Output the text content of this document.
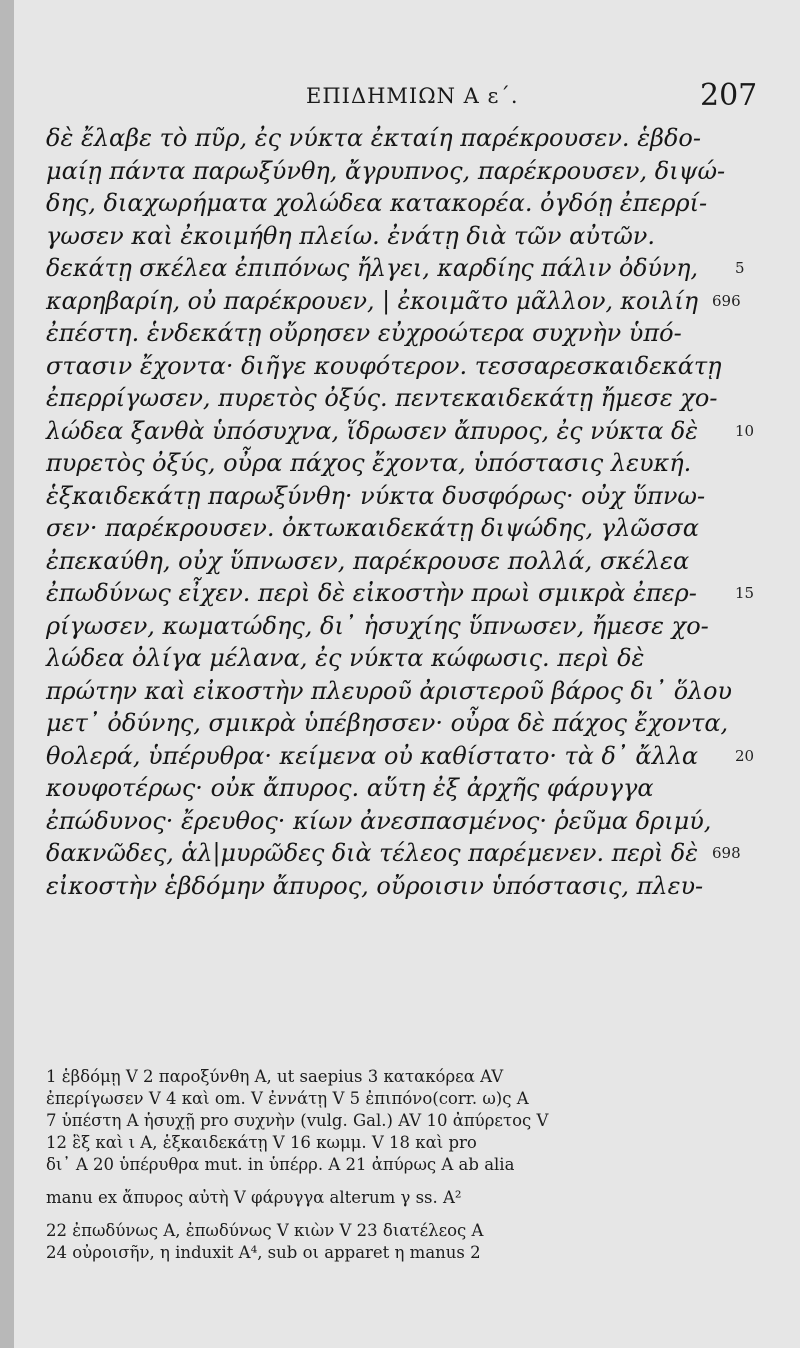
ΕΠΙΔΗΜΙΩΝ Α ε΄.	207
δὲ ἔλαβε τὸ πῦρ, ἐς νύκτα ἐκταίη παρέκρουσεν. ἑβδο-
μαίῃ πάντα παρωξύνθη, ἄγρυπνος, παρέκρουσεν, διψώ-
δης, διαχωρήματα χολώδεα κατακορέα. ὀγδόῃ ἐπερρί-
γωσεν καὶ ἐκοιμήθη πλείω. ἐνάτῃ διὰ τῶν αὐτῶν.
δεκάτῃ σκέλεα ἐπιπόνως ἤλγει, καρδίης πάλιν ὀδύνη, 5
καρηβαρίη, οὐ παρέκρουεν, | ἐκοιμᾶτο μᾶλλον, κοιλίη 696
ἐπέστη. ἑνδεκάτῃ οὔρησεν εὐχροώτερα συχνὴν ὑπό-
στασιν ἔχοντα· διῆγε κουφότερον. τεσσαρεσκαιδεκάτῃ
ἐπερρίγωσεν, πυρετὸς ὀξύς. πεντεκαιδεκάτῃ ἤμεσε χο-
λώδεα ξανθὰ ὑπόσυχνα, ἵδρωσεν ἄπυρος, ἐς νύκτα δὲ 10
πυρετὸς ὀξύς, οὖρα πάχος ἔχοντα, ὑπόστασις λευκή.
ἑξκαιδεκάτῃ παρωξύνθη· νύκτα δυσφόρως· οὐχ ὕπνω-
σεν· παρέκρουσεν. ὀκτωκαιδεκάτῃ διψώδης, γλῶσσα
ἐπεκαύθη, οὐχ ὕπνωσεν, παρέκρουσε πολλά, σκέλεα
ἐπωδύνως εἶχεν. περὶ δὲ εἰκοστὴν πρωὶ σμικρὰ ἐπερ-	15
ρίγωσεν, κωματώδης, δι᾽ ἡσυχίης ὕπνωσεν, ἤμεσε χο-
λώδεα ὀλίγα μέλανα, ἐς νύκτα κώφωσις. περὶ δὲ
πρώτην καὶ εἰκοστὴν πλευροῦ ἀριστεροῦ βάρος δι᾽ ὅλου
μετ᾽ ὀδύνης, σμικρὰ ὑπέβησσεν· οὖρα δὲ πάχος ἔχοντα,
θολερά, ὑπέρυθρα· κείμενα οὐ καθίστατο· τὰ δ᾽ ἄλλα 20
κουφοτέρως· οὐκ ἄπυρος. αὕτη ἐξ ἀρχῆς φάρυγγα
ἐπώδυνος· ἔρευθος· κίων ἀνεσπασμένος· ῥεῦμα δριμύ,
δακνῶδες, ἁλ|μυρῶδες διὰ τέλεος παρέμενεν. περὶ δὲ 698
εἰκοστὴν ἑβδόμην ἄπυρος, οὔροισιν ὑπόστασις, πλευ-
1 ἑβδόμῃ V 2 παροξύνθη A, ut saepius 3 κατακόρεα AV
ἐπερίγωσεν V 4 καὶ om. V ἐννάτῃ V 5 ἐπιπόνο(corr. ω)ς A
7 ὑπέστη A ἡσυχῇ pro συχνὴν (vulg. Gal.) AV 10 ἀπύρετος V
12 ἓξ καὶ ι A, ἑξκαιδεκάτῃ V 16 κωμμ. V 18 καὶ pro
δι᾽ A 20 ὑπέρυθρα mut. in ὑπέρρ. A 21 ἀπύρως A ab alia
manu ex ἄπυρος αὐτὴ V φάρυγγα alterum γ ss. A²
22 ἐπωδύνως A, ἐπωδύνως V κιὼν V 23 διατέλεος A
24 οὐροισῆν, η induxit A⁴, sub οι apparet η manus 2
